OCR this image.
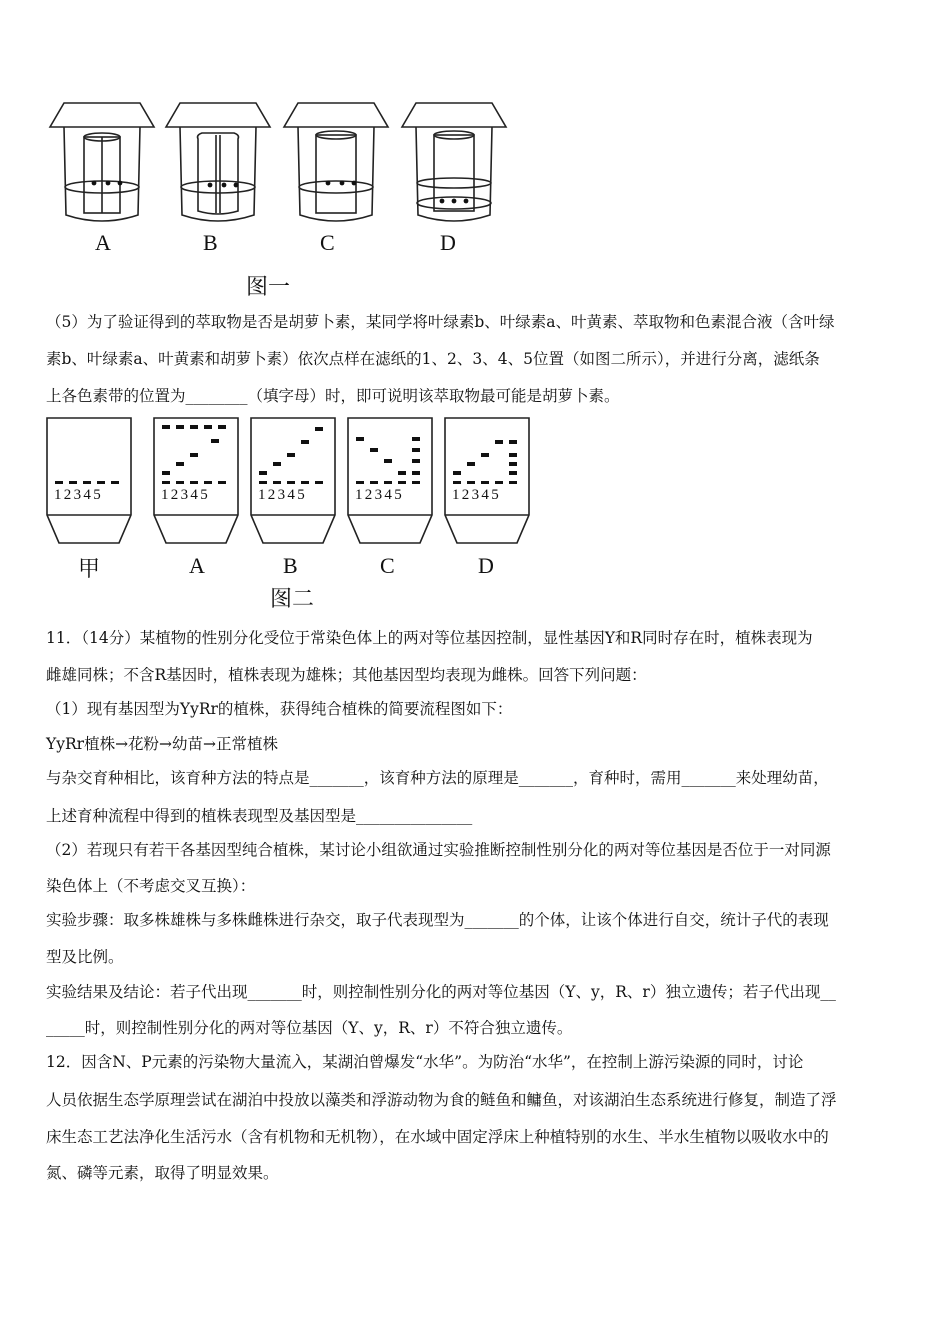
A	B	C	D
图一
（5）为了验证得到的萃取物是否是胡萝卜素，某同学将叶绿素b、叶绿素a、叶黄素、萃取物和色素混合液（含叶绿
素b、叶绿素a、叶黄素和胡萝卜素）依次点样在滤纸的1、2、3、4、5位置（如图二所示），并进行分离，滤纸条
上各色素带的位置为________（填字母）时，即可说明该萃取物最可能是胡萝卜素。
12345	12345	12345	12345	12345
甲	A	B	C	D
图二
11．（14分）某植物的性别分化受位于常染色体上的两对等位基因控制，显性基因Y和R同时存在时，植株表现为
雌雄同株；不含R基因时，植株表现为雄株；其他基因型均表现为雌株。回答下列问题：
（1）现有基因型为YyRr的植株，获得纯合植株的简要流程图如下：
YyRr植株→花粉→幼苗→正常植株
与杂交育种相比，该育种方法的特点是_______，该育种方法的原理是_______，育种时，需用_______来处理幼苗，
上述育种流程中得到的植株表现型及基因型是_______________
（2）若现只有若干各基因型纯合植株，某讨论小组欲通过实验推断控制性别分化的两对等位基因是否位于一对同源
染色体上（不考虑交叉互换）：
实验步骤：取多株雄株与多株雌株进行杂交，取子代表现型为_______的个体，让该个体进行自交，统计子代的表现
型及比例。
实验结果及结论：若子代出现_______时，则控制性别分化的两对等位基因（Y、y，R、r）独立遗传；若子代出现__
_____时，则控制性别分化的两对等位基因（Y、y，R、r）不符合独立遗传。
12．因含N、P元素的污染物大量流入，某湖泊曾爆发“水华”。为防治“水华”，在控制上游污染源的同时，讨论
人员依据生态学原理尝试在湖泊中投放以藻类和浮游动物为食的鲢鱼和鳙鱼，对该湖泊生态系统进行修复，制造了浮
床生态工艺法净化生活污水（含有机物和无机物），在水域中固定浮床上种植特别的水生、半水生植物以吸收水中的
氮、磷等元素，取得了明显效果。
